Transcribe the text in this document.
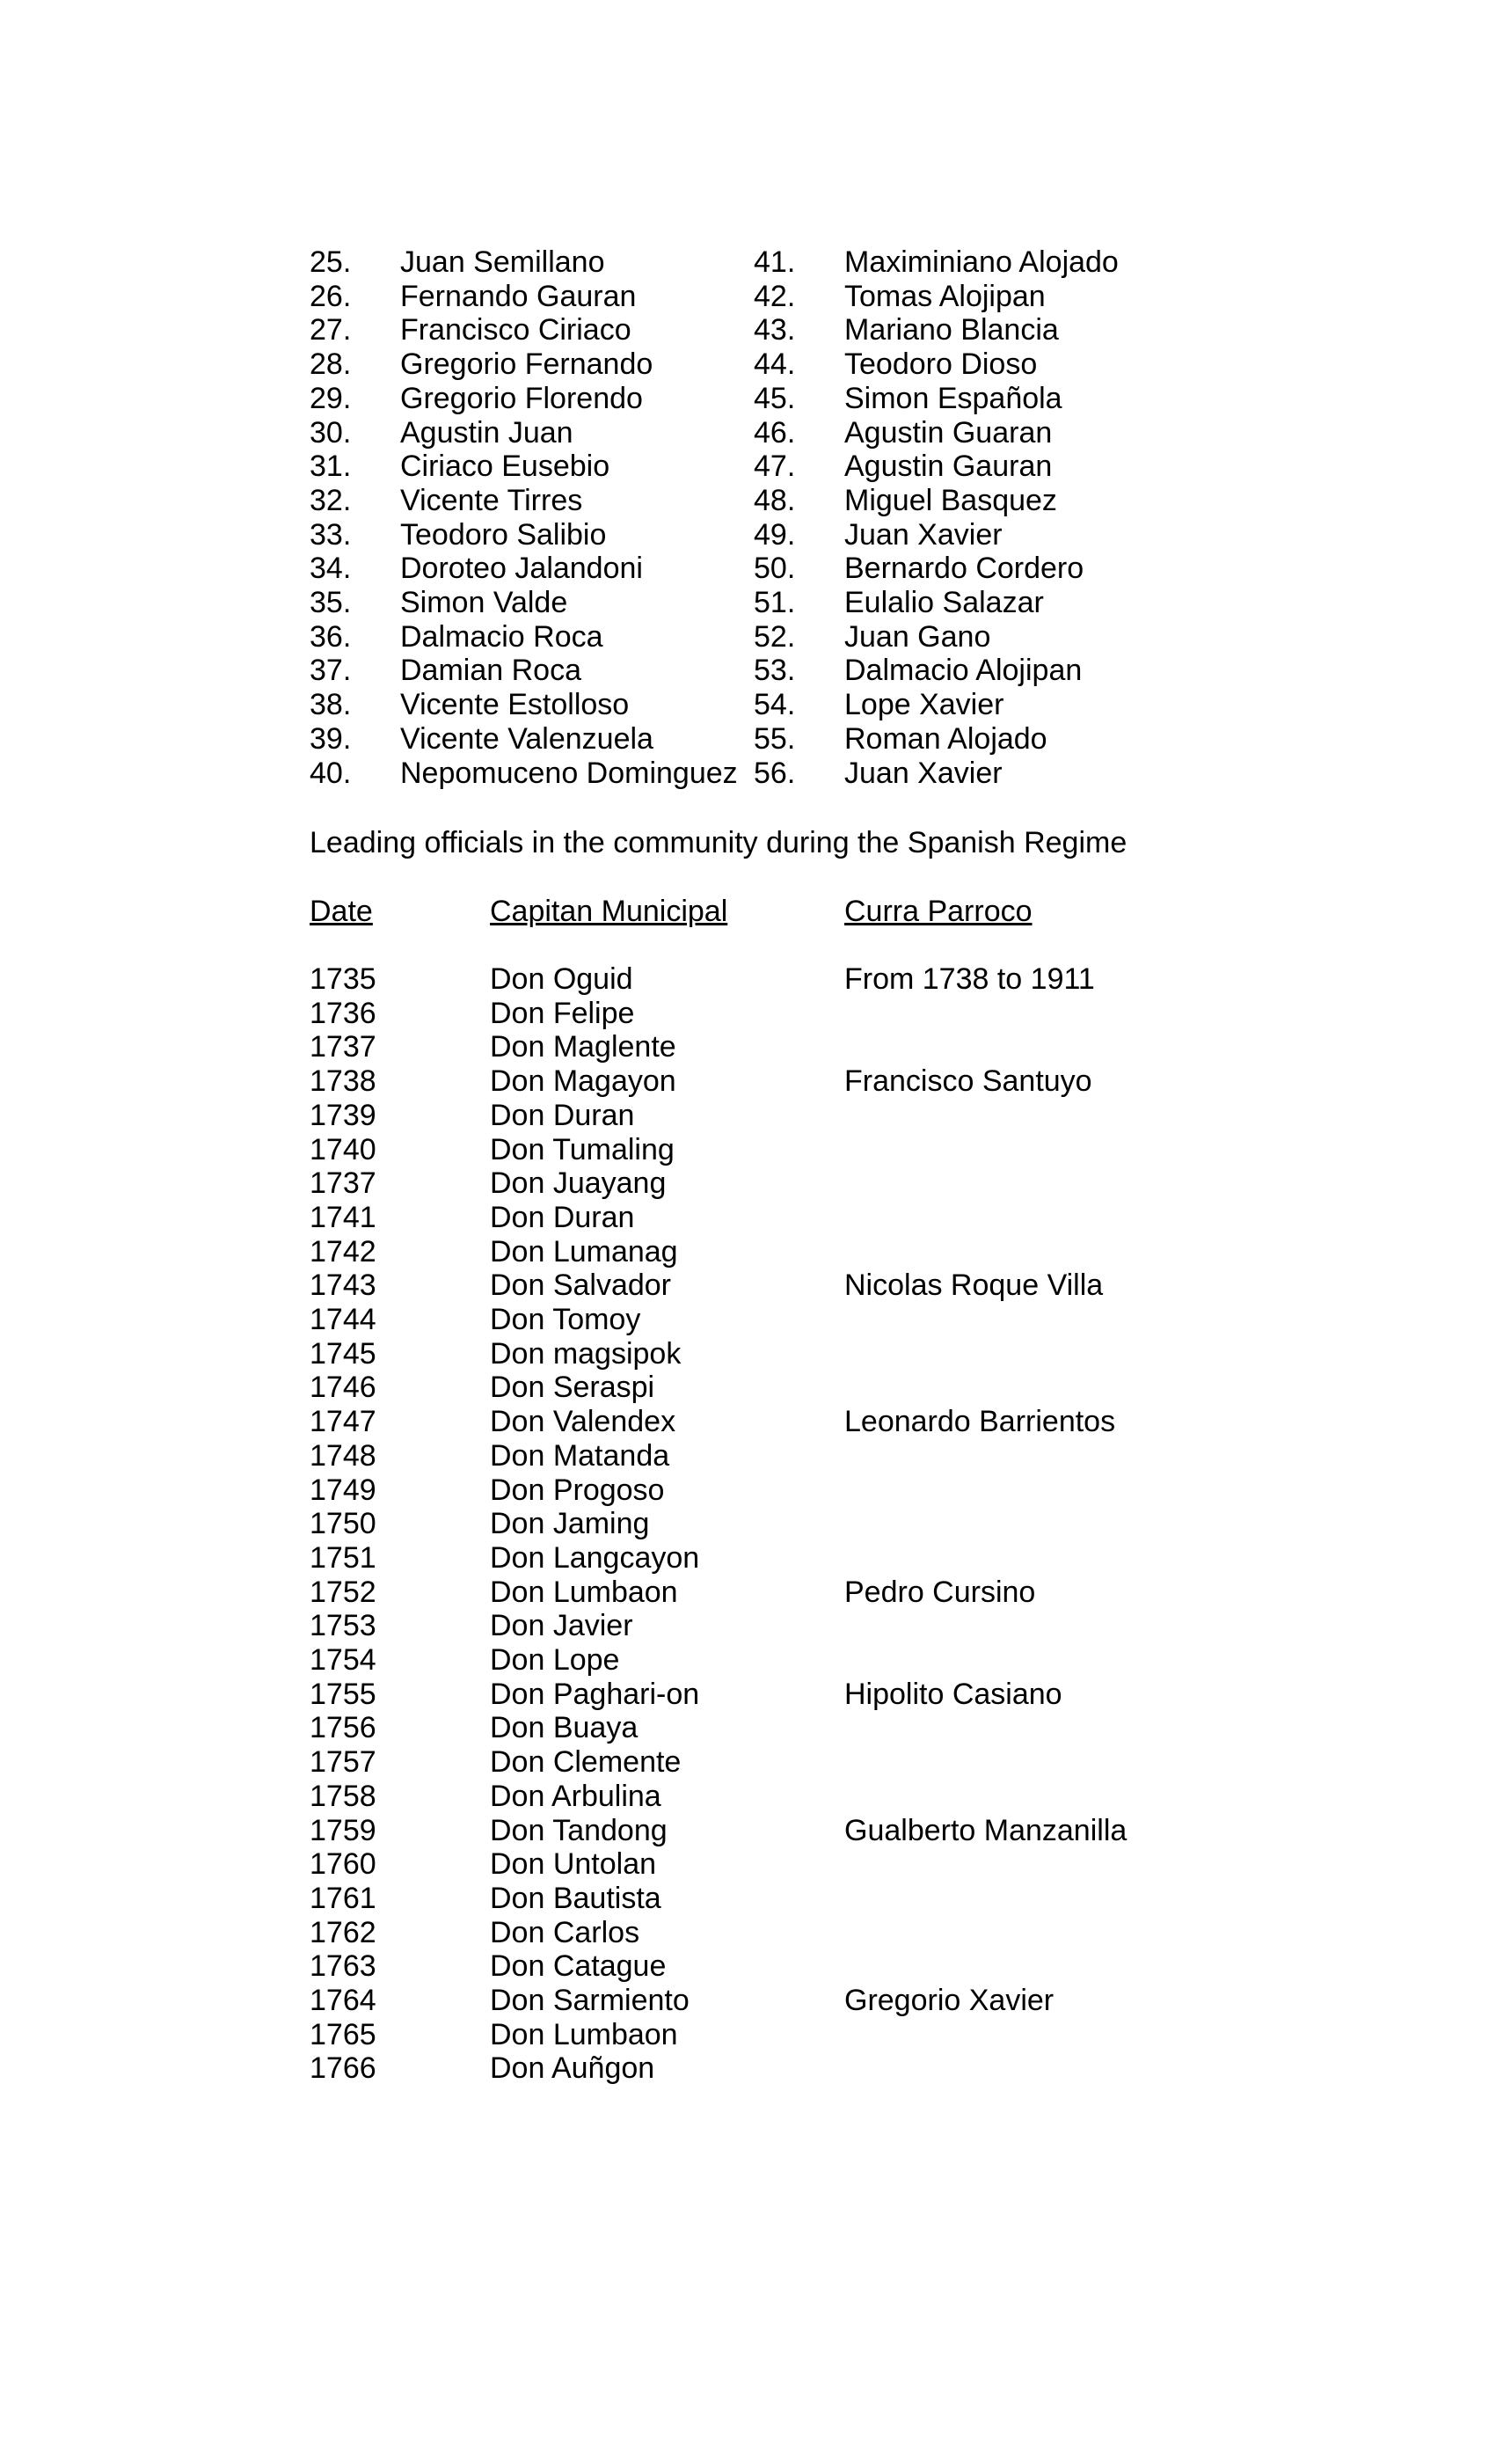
25. Juan Semillano	41. Maximiniano Alojado
26. Fernando Gauran	42. Tomas Alojipan
27. Francisco Ciriaco	43. Mariano Blancia
28. Gregorio Fernando	44. Teodoro Dioso
29. Gregorio Florendo	45. Simon Española
30. Agustin Juan	46. Agustin Guaran
31. Ciriaco Eusebio	47. Agustin Gauran
32. Vicente Tirres	48. Miguel Basquez
33. Teodoro Salibio	49. Juan Xavier
34. Doroteo Jalandoni	50. Bernardo Cordero
35. Simon Valde	51. Eulalio Salazar
36. Dalmacio Roca	52. Juan Gano
37. Damian Roca	53. Dalmacio Alojipan
38. Vicente Estolloso	54. Lope Xavier
39. Vicente Valenzuela	55. Roman Alojado
40. Nepomuceno Dominguez 56. Juan Xavier
Leading officials in the community during the Spanish Regime
Date	Capitan Municipal	Curra Parroco
1735	Don Oguid	From 1738 to 1911
1736	Don Felipe
1737	Don Maglente
1738	Don Magayon	Francisco Santuyo
1739	Don Duran
1740	Don Tumaling
1737	Don Juayang
1741	Don Duran
1742	Don Lumanag
1743	Don Salvador	Nicolas Roque Villa
1744	Don Tomoy
1745	Don magsipok
1746	Don Seraspi
1747	Don Valendex	Leonardo Barrientos
1748	Don Matanda
1749	Don Progoso
1750	Don Jaming
1751	Don Langcayon
1752	Don Lumbaon	Pedro Cursino
1753	Don Javier
1754	Don Lope
1755	Don Paghari-on	Hipolito Casiano
1756	Don Buaya
1757	Don Clemente
1758	Don Arbulina
1759	Don Tandong	Gualberto Manzanilla
1760	Don Untolan
1761	Don Bautista
1762	Don Carlos
1763	Don Catague
1764	Don Sarmiento	Gregorio Xavier
1765	Don Lumbaon
1766	Don Auñgon
